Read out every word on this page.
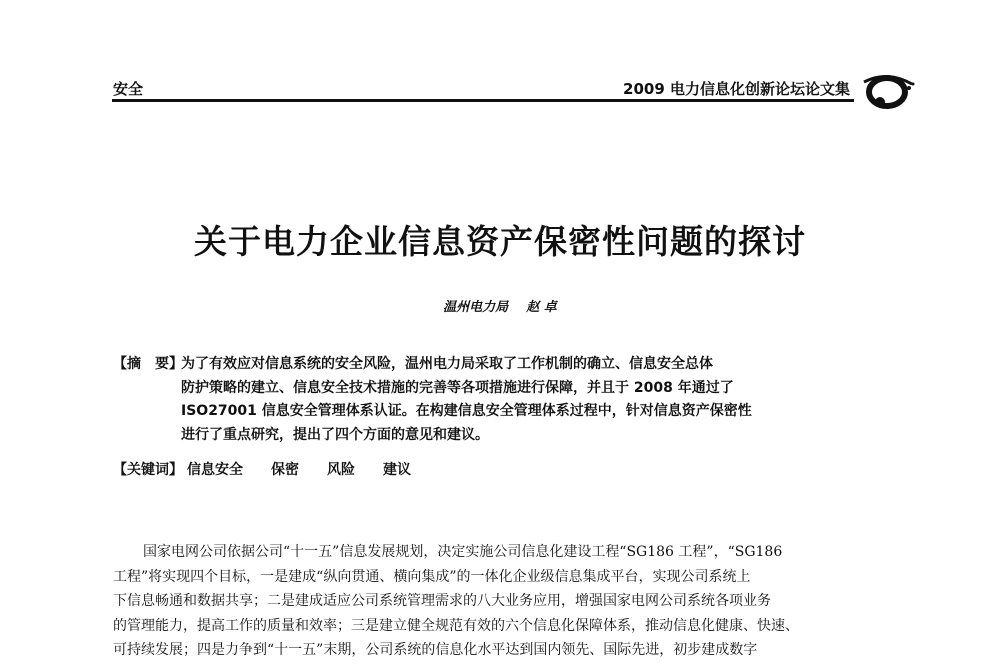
安全	2009 电力信息化创新论坛论文集
关于电力企业信息资产保密性问题的探讨
温州电力局    赵 卓
【摘　要】
为了有效应对信息系统的安全风险，温州电力局采取了工作机制的确立、信息安全总体
防护策略的建立、信息安全技术措施的完善等各项措施进行保障，并且于 2008 年通过了
ISO27001 信息安全管理体系认证。在构建信息安全管理体系过程中，针对信息资产保密性
进行了重点研究，提出了四个方面的意见和建议。
【关键词】 信息安全 保密 风险 建议
国家电网公司依据公司“十一五”信息发展规划，决定实施公司信息化建设工程“SG186 工程”，“SG186
工程”将实现四个目标，一是建成“纵向贯通、横向集成”的一体化企业级信息集成平台，实现公司系统上
下信息畅通和数据共享；二是建成适应公司系统管理需求的八大业务应用，增强国家电网公司系统各项业务
的管理能力，提高工作的质量和效率；三是建立健全规范有效的六个信息化保障体系，推动信息化健康、快速、
可持续发展；四是力争到“十一五”末期，公司系统的信息化水平达到国内领先、国际先进，初步建成数字
